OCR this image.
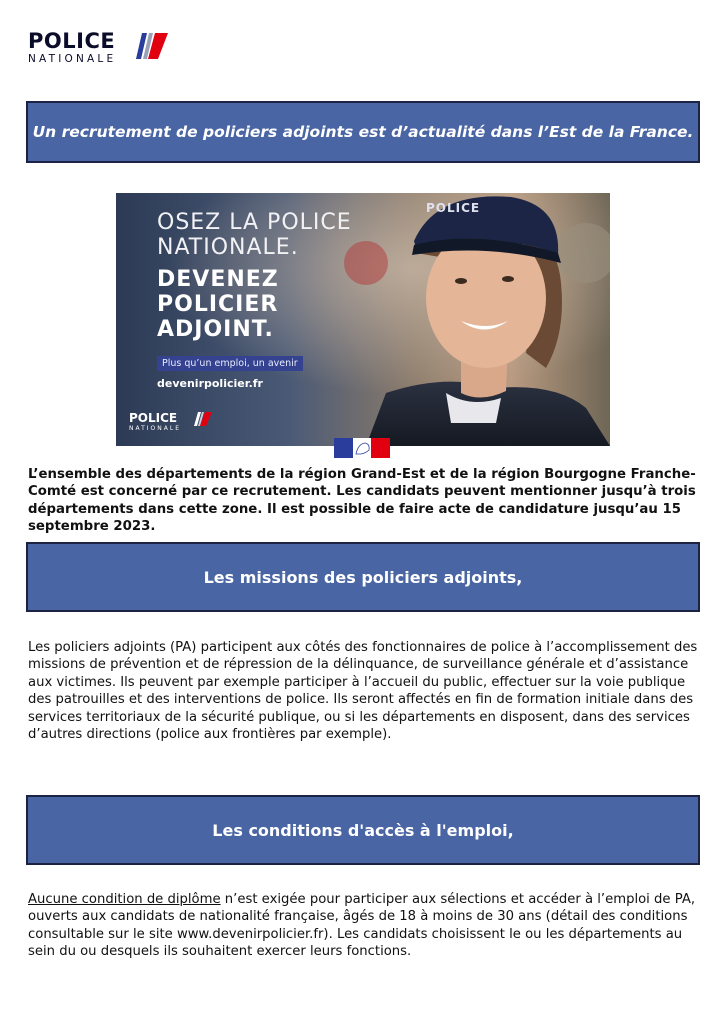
POLICE
NATIONALE
Un recrutement de policiers adjoints est d’actualité dans l’Est de la France.
POLICE
OSEZ LA POLICE
NATIONALE.
DEVENEZ
POLICIER
ADJOINT.
Plus qu’un emploi, un avenir
devenirpolicier.fr
POLICE
NATIONALE
L’ensemble des départements de la région Grand-Est et de la région Bourgogne Franche-Comté est concerné par ce recrutement. Les candidats peuvent mentionner jusqu’à trois départements dans cette zone. Il est possible de faire acte de candidature jusqu’au 15 septembre 2023.
Les missions des policiers adjoints,
Les policiers adjoints (PA) participent aux côtés des fonctionnaires de police à l’accomplissement des missions de prévention et de répression de la délinquance, de surveillance générale et d’assistance aux victimes. Ils peuvent par exemple participer à l’accueil du public, effectuer sur la voie publique des patrouilles et des interventions de police. Ils seront affectés en fin de formation initiale dans des services territoriaux de la sécurité publique, ou si les départements en disposent, dans des services d’autres directions (police aux frontières par exemple).
Les conditions d'accès à l'emploi,
Aucune condition de diplôme n’est exigée pour participer aux sélections et accéder à l’emploi de PA, ouverts aux candidats de nationalité française, âgés de 18 à moins de 30 ans (détail des conditions consultable sur le site www.devenirpolicier.fr). Les candidats choisissent le ou les départements au sein du ou desquels ils souhaitent exercer leurs fonctions.
